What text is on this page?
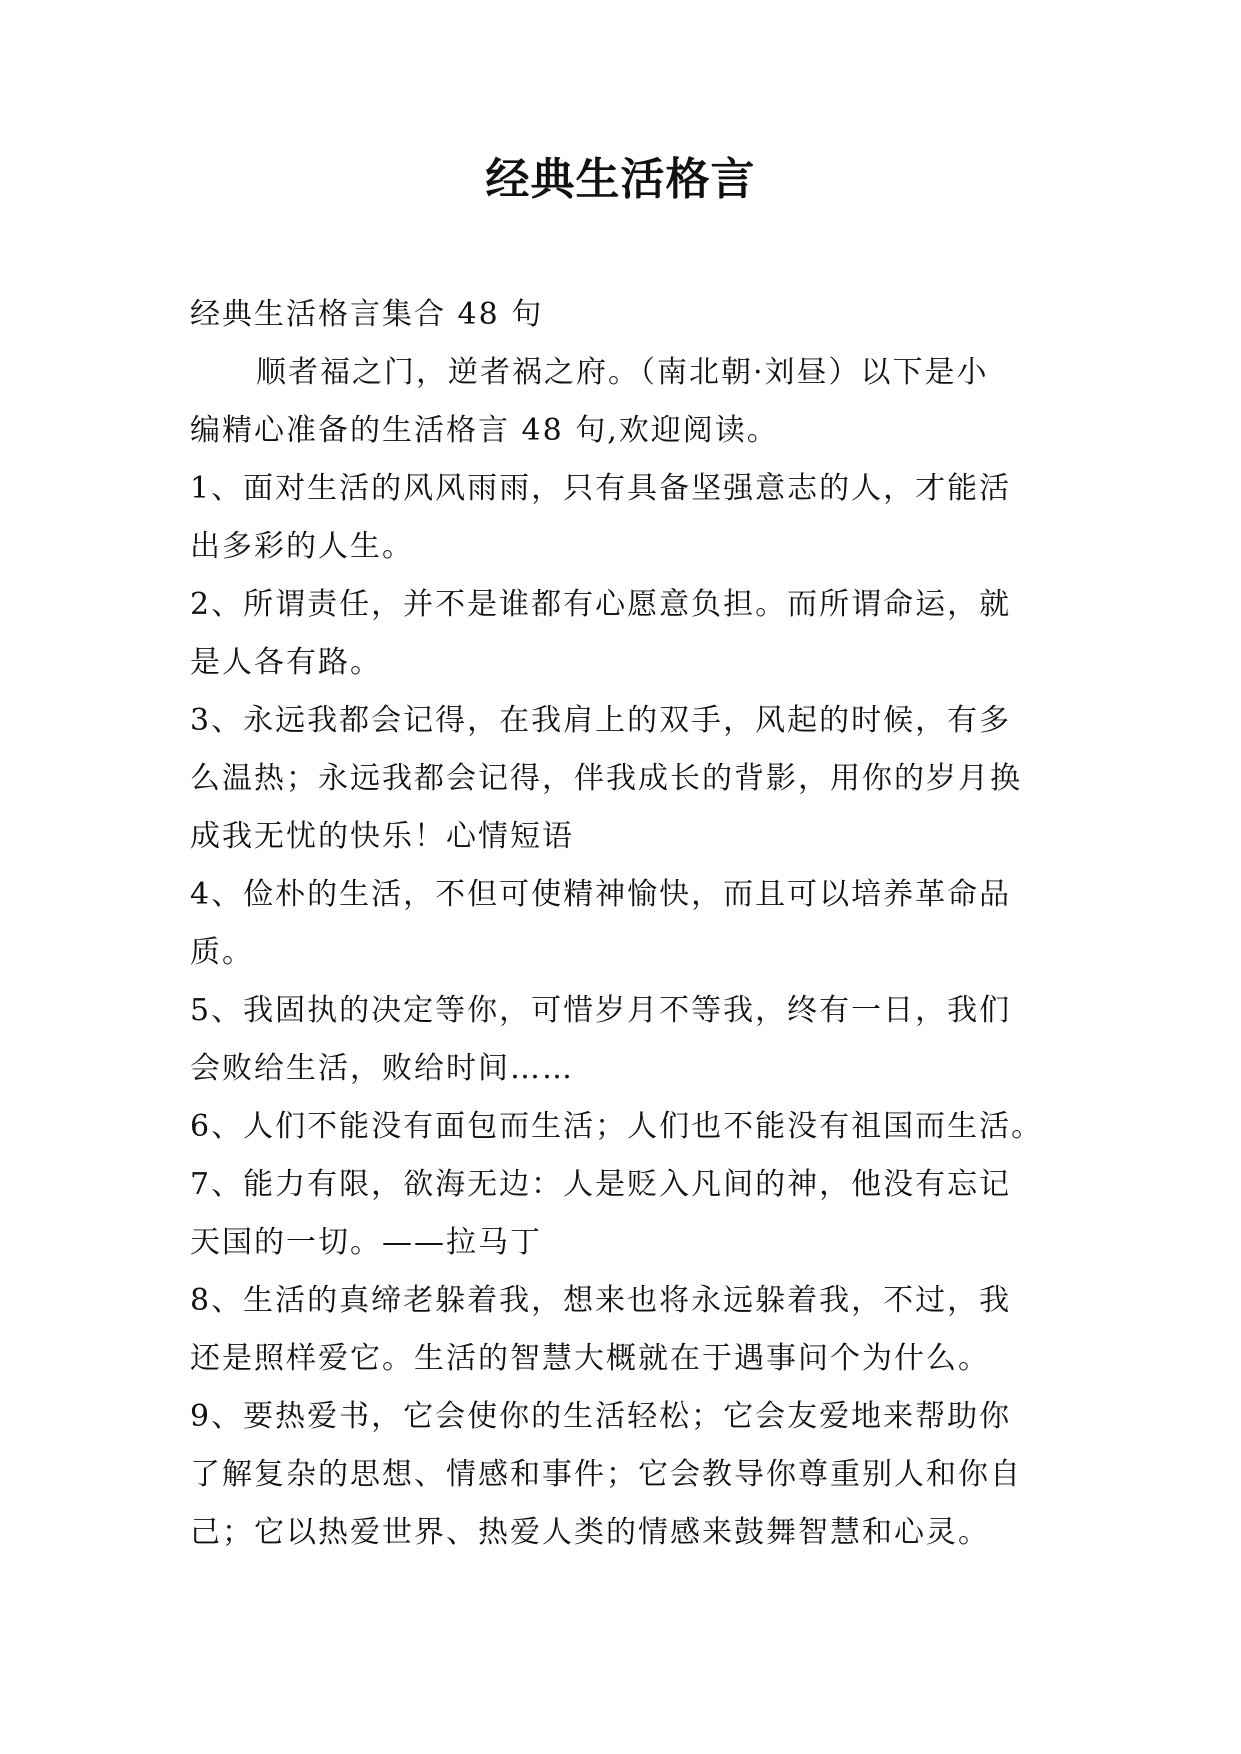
经典生活格言
经典生活格言集合 48 句
顺者福之门，逆者祸之府。（南北朝·刘昼）以下是小
编精心准备的生活格言 48 句,欢迎阅读。
1、面对生活的风风雨雨，只有具备坚强意志的人，才能活
出多彩的人生。
2、所谓责任，并不是谁都有心愿意负担。而所谓命运，就
是人各有路。
3、永远我都会记得，在我肩上的双手，风起的时候，有多
么温热；永远我都会记得，伴我成长的背影，用你的岁月换
成我无忧的快乐！心情短语
4、俭朴的生活，不但可使精神愉快，而且可以培养革命品
质。
5、我固执的决定等你，可惜岁月不等我，终有一日，我们
会败给生活，败给时间……
6、人们不能没有面包而生活；人们也不能没有祖国而生活。
7、能力有限，欲海无边：人是贬入凡间的神，他没有忘记
天国的一切。——拉马丁
8、生活的真缔老躲着我，想来也将永远躲着我，不过，我
还是照样爱它。生活的智慧大概就在于遇事问个为什么。
9、要热爱书，它会使你的生活轻松；它会友爱地来帮助你
了解复杂的思想、情感和事件；它会教导你尊重别人和你自
己；它以热爱世界、热爱人类的情感来鼓舞智慧和心灵。
